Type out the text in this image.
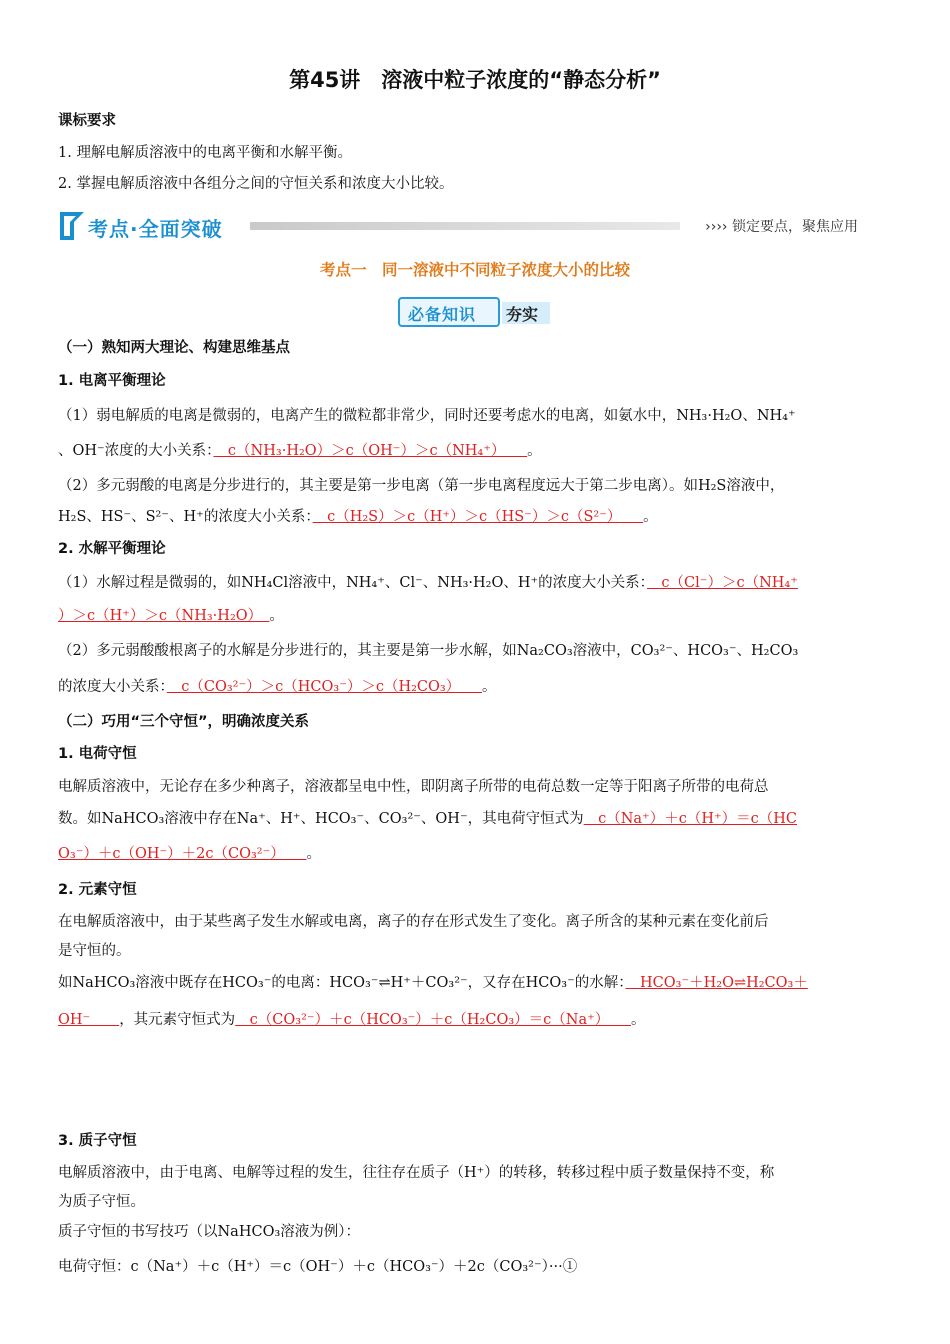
第45讲　溶液中粒子浓度的“静态分析”
课标要求
1. 理解电解质溶液中的电离平衡和水解平衡。
2. 掌握电解质溶液中各组分之间的守恒关系和浓度大小比较。
考点·全面突破	›››› 锁定要点，聚焦应用
考点一　同一溶液中不同粒子浓度大小的比较
必备知识 夯实
（一）熟知两大理论、构建思维基点
1. 电离平衡理论
（1）弱电解质的电离是微弱的，电离产生的微粒都非常少，同时还要考虑水的电离，如氨水中，NH₃·H₂O、NH₄⁺
、OH⁻浓度的大小关系：　c（NH₃·H₂O）＞c（OH⁻）＞c（NH₄⁺）　　。
（2）多元弱酸的电离是分步进行的，其主要是第一步电离（第一步电离程度远大于第二步电离）。如H₂S溶液中，
H₂S、HS⁻、S²⁻、H⁺的浓度大小关系：　c（H₂S）＞c（H⁺）＞c（HS⁻）＞c（S²⁻）　　。
2. 水解平衡理论
（1）水解过程是微弱的，如NH₄Cl溶液中，NH₄⁺、Cl⁻、NH₃·H₂O、H⁺的浓度大小关系：　c（Cl⁻）＞c（NH₄⁺
）＞c（H⁺）＞c（NH₃·H₂O）　。
（2）多元弱酸酸根离子的水解是分步进行的，其主要是第一步水解，如Na₂CO₃溶液中，CO₃²⁻、HCO₃⁻、H₂CO₃
的浓度大小关系：　c（CO₃²⁻）＞c（HCO₃⁻）＞c（H₂CO₃）　　。
（二）巧用“三个守恒”，明确浓度关系
1. 电荷守恒
电解质溶液中，无论存在多少种离子，溶液都呈电中性，即阴离子所带的电荷总数一定等于阳离子所带的电荷总
数。如NaHCO₃溶液中存在Na⁺、H⁺、HCO₃⁻、CO₃²⁻、OH⁻，其电荷守恒式为　c（Na⁺）＋c（H⁺）＝c（HC
O₃⁻）＋c（OH⁻）＋2c（CO₃²⁻）　　。
2. 元素守恒
在电解质溶液中，由于某些离子发生水解或电离，离子的存在形式发生了变化。离子所含的某种元素在变化前后
是守恒的。
如NaHCO₃溶液中既存在HCO₃⁻的电离：HCO₃⁻⇌H⁺＋CO₃²⁻，又存在HCO₃⁻的水解：　HCO₃⁻＋H₂O⇌H₂CO₃＋
OH⁻　　，其元素守恒式为　c（CO₃²⁻）＋c（HCO₃⁻）＋c（H₂CO₃）＝c（Na⁺）　　。
3. 质子守恒
电解质溶液中，由于电离、电解等过程的发生，往往存在质子（H⁺）的转移，转移过程中质子数量保持不变，称
为质子守恒。
质子守恒的书写技巧（以NaHCO₃溶液为例）：
电荷守恒：c（Na⁺）＋c（H⁺）＝c（OH⁻）＋c（HCO₃⁻）＋2c（CO₃²⁻）···①
